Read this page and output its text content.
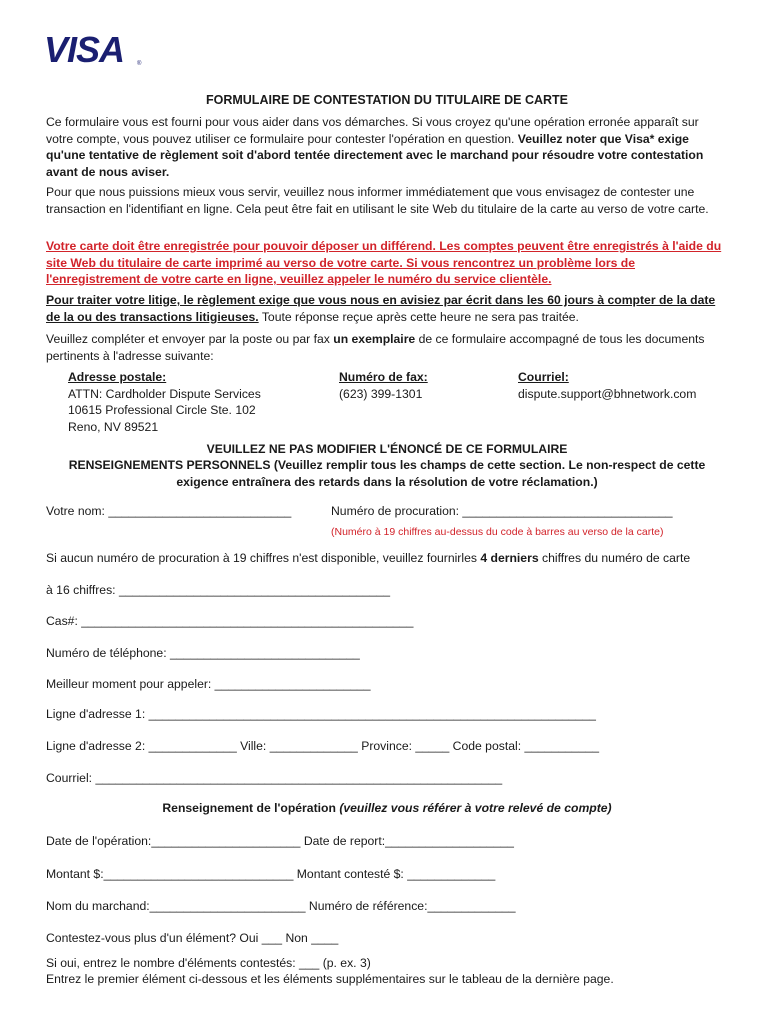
VISA ®

FORMULAIRE DE CONTESTATION DU TITULAIRE DE CARTE

Ce formulaire vous est fourni pour vous aider dans vos démarches. Si vous croyez qu'une opération erronée apparaît sur votre compte, vous pouvez utiliser ce formulaire pour contester l'opération en question. Veuillez noter que Visa* exige qu'une tentative de règlement soit d'abord tentée directement avec le marchand pour résoudre votre contestation avant de nous aviser.

Pour que nous puissions mieux vous servir, veuillez nous informer immédiatement que vous envisagez de contester une transaction en l'identifiant en ligne. Cela peut être fait en utilisant le site Web du titulaire de la carte au verso de votre carte.

Votre carte doit être enregistrée pour pouvoir déposer un différend. Les comptes peuvent être enregistrés à l'aide du site Web du titulaire de carte imprimé au verso de votre carte. Si vous rencontrez un problème lors de l'enregistrement de votre carte en ligne, veuillez appeler le numéro du service clientèle.

Pour traiter votre litige, le règlement exige que vous nous en avisiez par écrit dans les 60 jours à compter de la date de la ou des transactions litigieuses. Toute réponse reçue après cette heure ne sera pas traitée.

Veuillez compléter et envoyer par la poste ou par fax un exemplaire de ce formulaire accompagné de tous les documents pertinents à l'adresse suivante:

Adresse postale:
ATTN: Cardholder Dispute Services
10615 Professional Circle Ste. 102
Reno, NV 89521
Numéro de fax:
(623) 399-1301
Courriel:
dispute.support@bhnetwork.com

VEUILLEZ NE PAS MODIFIER L'ÉNONCÉ DE CE FORMULAIRE

RENSEIGNEMENTS PERSONNELS (Veuillez remplir tous les champs de cette section. Le non-respect de cette exigence entraînera des retards dans la résolution de votre réclamation.)

Votre nom: ___________________________	Numéro de procuration: _______________________________
(Numéro à 19 chiffres au-dessus du code à barres au verso de la carte)
Si aucun numéro de procuration à 19 chiffres n'est disponible, veuillez fournirles 4 derniers chiffres du numéro de carte
à 16 chiffres: ________________________________________
Cas#: _________________________________________________
Numéro de téléphone: ____________________________
Meilleur moment pour appeler: _______________________
Ligne d'adresse 1: __________________________________________________________________
Ligne d'adresse 2: _____________ Ville: _____________ Province: _____ Code postal: ___________
Courriel: ____________________________________________________________

Renseignement de l'opération (veuillez vous référer à votre relevé de compte)

Date de l'opération:______________________ Date de report:___________________
Montant $:____________________________ Montant contesté $: _____________
Nom du marchand:_______________________ Numéro de référence:_____________
Contestez-vous plus d'un élément? Oui ___ Non ____
Si oui, entrez le nombre d'éléments contestés: ___ (p. ex. 3)
Entrez le premier élément ci-dessous et les éléments supplémentaires sur le tableau de la dernière page.
